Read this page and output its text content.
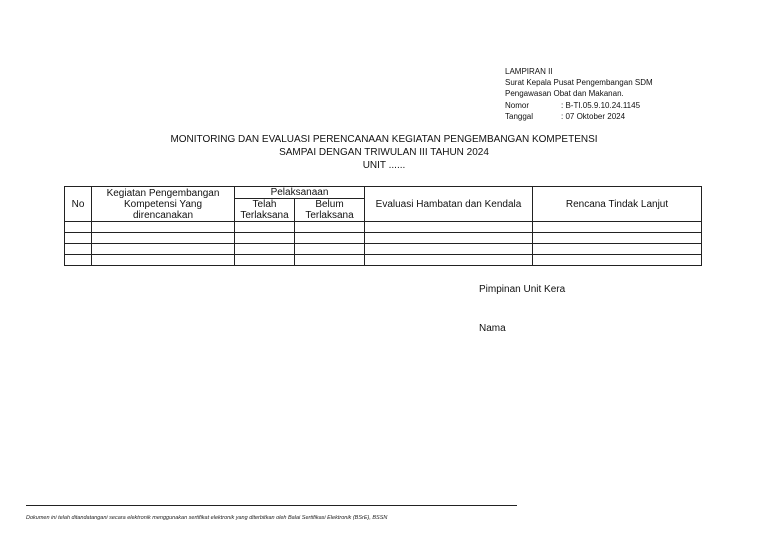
LAMPIRAN II
Surat Kepala Pusat Pengembangan SDM
Pengawasan Obat dan Makanan.
Nomor	: B-TI.05.9.10.24.1145
Tanggal	: 07 Oktober 2024
MONITORING DAN EVALUASI PERENCANAAN KEGIATAN PENGEMBANGAN KOMPETENSI
SAMPAI DENGAN TRIWULAN III TAHUN 2024
UNIT ......
No	Kegiatan Pengembangan Kompetensi Yang direncanakan	Pelaksanaan		Evaluasi Hambatan dan Kendala	Rencana Tindak Lanjut
		Telah Terlaksana	Belum Terlaksana		

Pimpinan Unit Kera
Nama
Dokumen ini telah ditandatangani secara elektronik menggunakan sertifikat elektronik yang diterbitkan oleh Balai Sertifikasi Elektronik (BSrE), BSSN
